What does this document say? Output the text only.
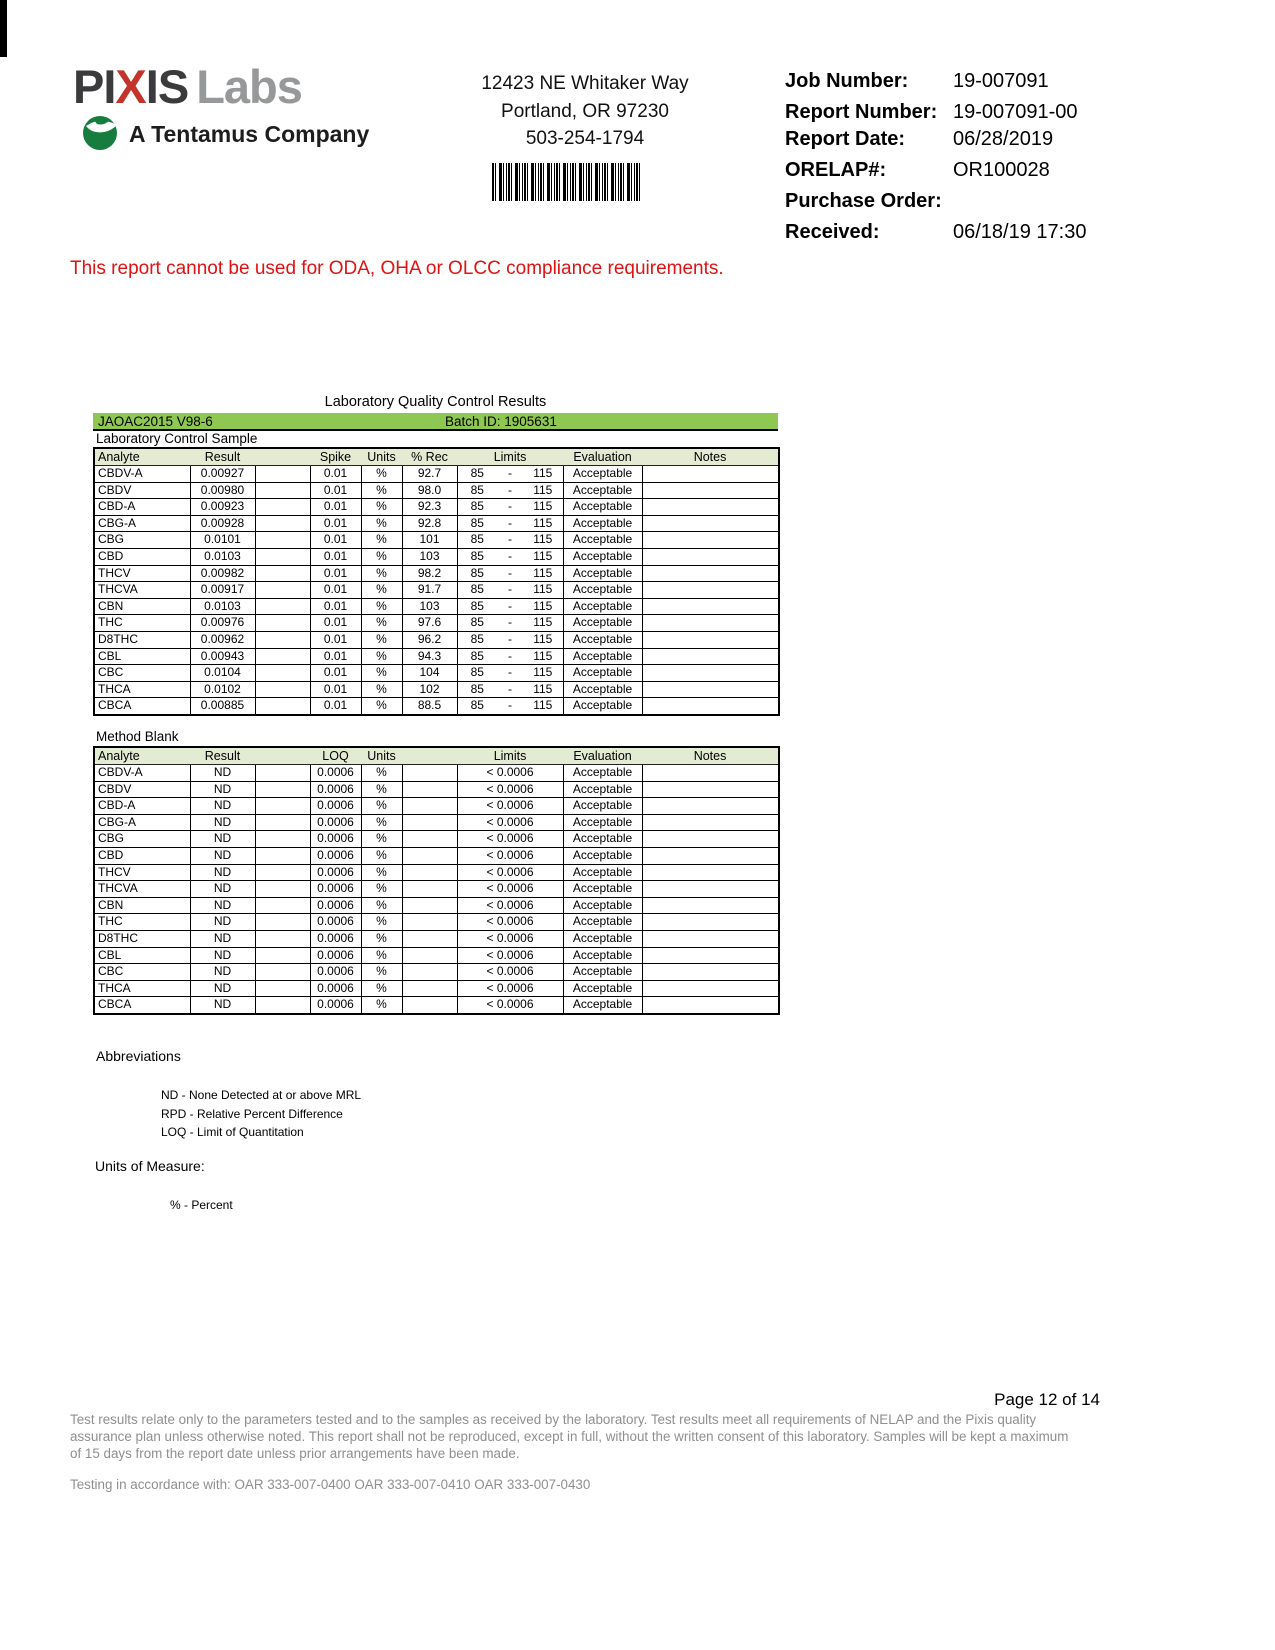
PIXIS Labs
A Tentamus Company
12423 NE Whitaker Way
Portland, OR 97230
503-254-1794
Job Number:	19-007091
Report Number: 19-007091-00
Report Date:	06/28/2019
ORELAP#:	OR100028
Purchase Order:
Received:	06/18/19 17:30
This report cannot be used for ODA, OHA or OLCC compliance requirements.
Laboratory Quality Control Results
JAOAC2015 V98-6	Batch ID: 1905631
Laboratory Control Sample
Analyte	Result		Spike	Units	% Rec	Limits			Evaluation	Notes
CBDV-A	0.00927		0.01	%	92.7	85	-	115	Acceptable	
CBDV	0.00980		0.01	%	98.0	85	-	115	Acceptable	
CBD-A	0.00923		0.01	%	92.3	85	-	115	Acceptable	
CBG-A	0.00928		0.01	%	92.8	85	-	115	Acceptable	
CBG	0.0101		0.01	%	101	85	-	115	Acceptable	
CBD	0.0103		0.01	%	103	85	-	115	Acceptable	
THCV	0.00982		0.01	%	98.2	85	-	115	Acceptable	
THCVA	0.00917		0.01	%	91.7	85	-	115	Acceptable	
CBN	0.0103		0.01	%	103	85	-	115	Acceptable	
THC	0.00976		0.01	%	97.6	85	-	115	Acceptable	
D8THC	0.00962		0.01	%	96.2	85	-	115	Acceptable	
CBL	0.00943		0.01	%	94.3	85	-	115	Acceptable	
CBC	0.0104		0.01	%	104	85	-	115	Acceptable	
THCA	0.0102		0.01	%	102	85	-	115	Acceptable	
CBCA	0.00885		0.01	%	88.5	85	-	115	Acceptable	
Method Blank
Analyte	Result		LOQ	Units		Limits	Evaluation	Notes
CBDV-A	ND		0.0006	%		< 0.0006	Acceptable	
CBDV	ND		0.0006	%		< 0.0006	Acceptable	
CBD-A	ND		0.0006	%		< 0.0006	Acceptable	
CBG-A	ND		0.0006	%		< 0.0006	Acceptable	
CBG	ND		0.0006	%		< 0.0006	Acceptable	
CBD	ND		0.0006	%		< 0.0006	Acceptable	
THCV	ND		0.0006	%		< 0.0006	Acceptable	
THCVA	ND		0.0006	%		< 0.0006	Acceptable	
CBN	ND		0.0006	%		< 0.0006	Acceptable	
THC	ND		0.0006	%		< 0.0006	Acceptable	
D8THC	ND		0.0006	%		< 0.0006	Acceptable	
CBL	ND		0.0006	%		< 0.0006	Acceptable	
CBC	ND		0.0006	%		< 0.0006	Acceptable	
THCA	ND		0.0006	%		< 0.0006	Acceptable	
CBCA	ND		0.0006	%		< 0.0006	Acceptable	
Abbreviations
ND - None Detected at or above MRL
RPD - Relative Percent Difference
LOQ - Limit of Quantitation
Units of Measure:
% - Percent
Page 12 of 14
Test results relate only to the parameters tested and to the samples as received by the laboratory. Test results meet all requirements of NELAP and the Pixis quality assurance plan unless otherwise noted. This report shall not be reproduced, except in full, without the written consent of this laboratory. Samples will be kept a maximum of 15 days from the report date unless prior arrangements have been made.
Testing in accordance with: OAR 333-007-0400 OAR 333-007-0410 OAR 333-007-0430
